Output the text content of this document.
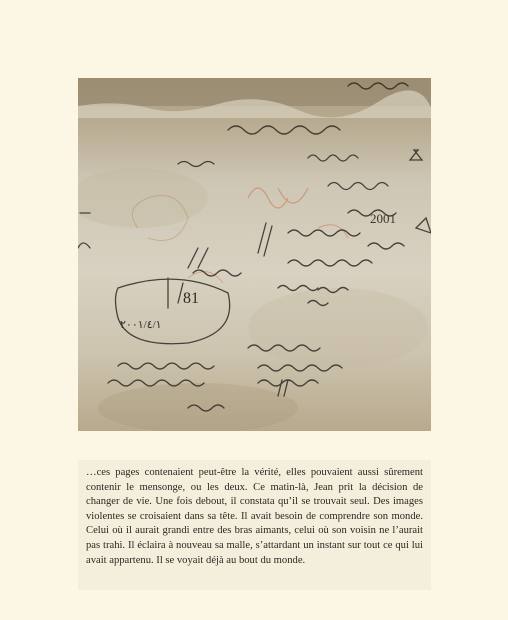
2001
81
٢٠٠١/٤/١

…ces pages contenaient peut-être la vérité, elles pouvaient aussi sûrement contenir le mensonge, ou les deux. Ce matin-là, Jean prit la décision de changer de vie. Une fois debout, il constata qu’il se trouvait seul. Des images violentes se croisaient dans sa tête. Il avait besoin de comprendre son monde. Celui où il aurait grandi entre des bras aimants, celui où son voisin ne l’aurait pas trahi. Il éclaira à nouveau sa malle, s’attardant un instant sur tout ce qui lui avait appartenu. Il se voyait déjà au bout du monde.
